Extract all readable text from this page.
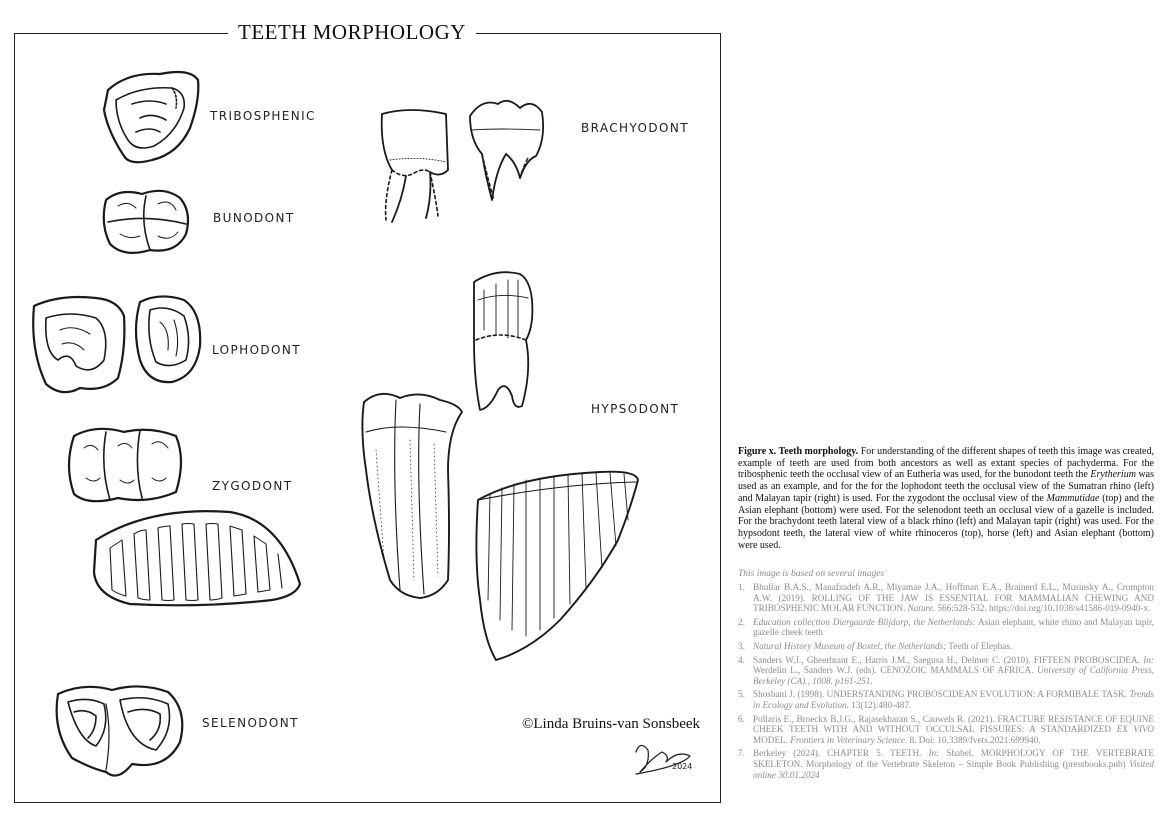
TEETH MORPHOLOGY
TRIBOSPHENIC
BUNODONT
LOPHODONT
ZYGODONT
SELENODONT
BRACHYODONT
HYPSODONT
©Linda Bruins-van Sonsbeek
2024
Figure x. Teeth morphology. For understanding of the different shapes of teeth this image was created, example of teeth are used from both ancestors as well as extant species of pachyderma. For the tribosphenic teeth the occlusal view of an Eutheria was used, for the bunodont teeth the Erytherium was used as an example, and for the for the lophodont teeth the occlusal view of the Sumatran rhino (left) and Malayan tapir (right) is used. For the zygodont the occlusal view of the Mammutidae (top) and the Asian elephant (bottom) were used. For the selenodont teeth an occlusal view of a gazelle is included. For the brachydont teeth lateral view of a black rhino (left) and Malayan tapir (right) was used. For the hypsodont teeth, the lateral view of white rhinoceros (top), horse (left) and Asian elephant (bottom) were used.
This image is based on several images
1. Bhullar B.A.S., Manafzadeh A.R., Miyamae J.A., Hoffman E.A., Brainerd E.L., Musinsky A., Crompton A.W. (2019). ROLLING OF THE JAW IS ESSENTIAL FOR MAMMALIAN CHEWING AND TRIBOSPHENIC MOLAR FUNCTION. Nature. 566:528-532. https://doi.org/10.1038/s41586-019-0940-x.
2. Education collection Diergaarde Blijdorp, the Netherlands: Asian elephant, white rhino and Malayan tapir, gazelle cheek teeth
3. Natural History Museum of Boxtel, the Netherlands; Teeth of Elephas.
4. Sanders W.J., Gheerbrant E., Harris J.M., Saegusa H., Delmer C. (2010). FIFTEEN PROBOSCIDEA. In: Werdelin L., Sanders W.J. (eds). CENOZOIC MAMMALS OF AFRICA. University of California Press, Berkeley (CA)., 1008. p161-251.
5. Shoshani J. (1998). UNDERSTANDING PROBOSCIDEAN EVOLUTION: A FORMIBALE TASK. Trends in Ecology and Evolution. 13(12):480-487.
6. Pollaris E., Broeckx B.J.G., Rajasekharan S., Cauwels R. (2021). FRACTURE RESISTANCE OF EQUINE CHEEK TEETH WITH AND WITHOUT OCCULSAL FISSURES: A STANDARDIZED EX VIVO MODEL. Frontiers in Veterinary Science. 8. Doi: 10.3389/fvets.2021.699940.
7. Berkeley (2024). CHAPTER 5. TEETH. In: Shabel. MORPHOLOGY OF THE VERTEBRATE SKELETON. Morphology of the Vertebrate Skeleton – Simple Book Publishing (pressbooks.pub) Visited online 30.01.2024
